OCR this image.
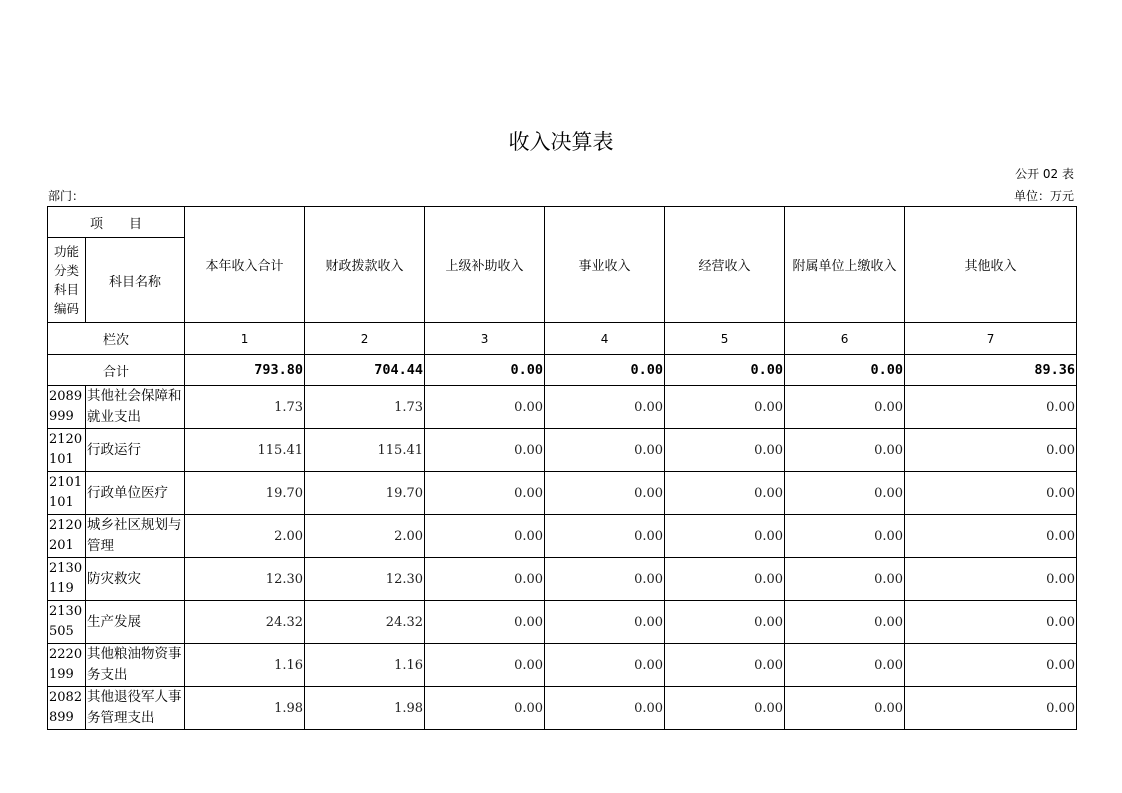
收入决算表
公开 02 表
部门：	单位：万元
项　　目		本年收入合计	财政拨款收入	上级补助收入	事业收入	经营收入	附属单位上缴收入	其他收入
功能分类科目编码	科目名称							
栏次		1	2	3	4	5	6	7
合计		793.80	704.44	0.00	0.00	0.00	0.00	89.36
2089999	其他社会保障和就业支出	1.73	1.73	0.00	0.00	0.00	0.00	0.00
2120101	行政运行	115.41	115.41	0.00	0.00	0.00	0.00	0.00
2101101	行政单位医疗	19.70	19.70	0.00	0.00	0.00	0.00	0.00
2120201	城乡社区规划与管理	2.00	2.00	0.00	0.00	0.00	0.00	0.00
2130119	防灾救灾	12.30	12.30	0.00	0.00	0.00	0.00	0.00
2130505	生产发展	24.32	24.32	0.00	0.00	0.00	0.00	0.00
2220199	其他粮油物资事务支出	1.16	1.16	0.00	0.00	0.00	0.00	0.00
2082899	其他退役军人事务管理支出	1.98	1.98	0.00	0.00	0.00	0.00	0.00
